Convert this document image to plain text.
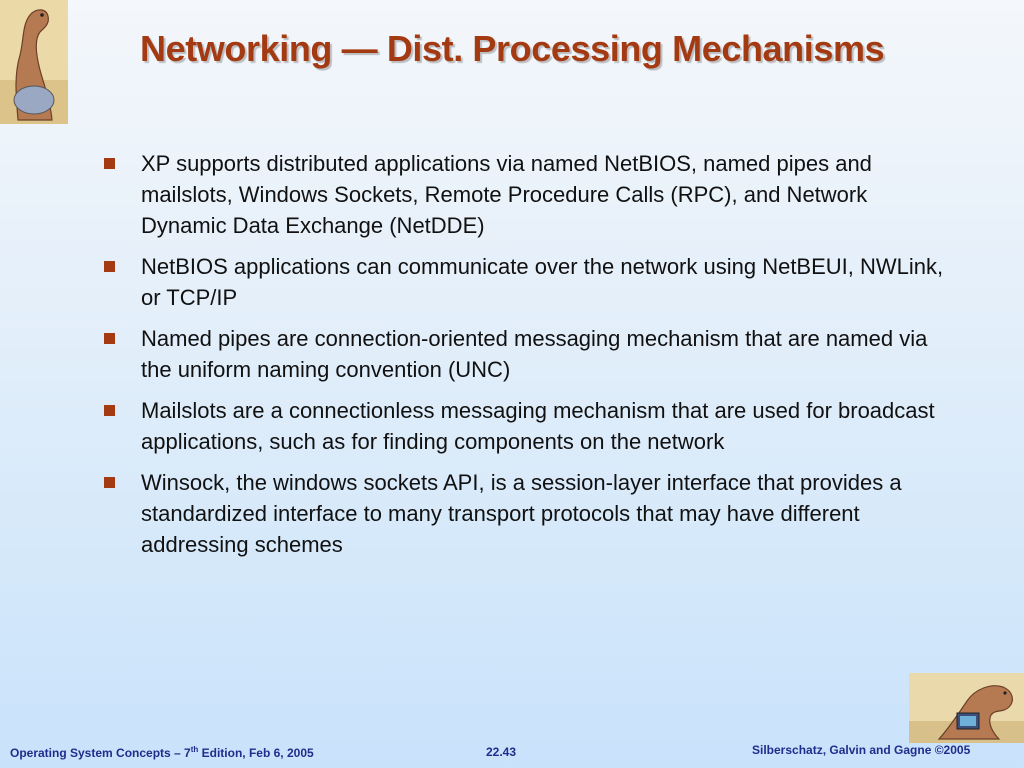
Networking — Dist. Processing Mechanisms
XP supports distributed applications via named NetBIOS, named pipes and mailslots, Windows Sockets, Remote Procedure Calls (RPC), and Network Dynamic Data Exchange (NetDDE)
NetBIOS applications can communicate over the network using NetBEUI, NWLink, or TCP/IP
Named pipes are connection-oriented messaging mechanism that are named via the uniform naming convention (UNC)
Mailslots are a connectionless messaging mechanism that are used for broadcast applications, such as for finding components on the network
Winsock, the windows sockets API, is a session-layer interface that provides a standardized interface to many transport protocols that may have different addressing schemes
Operating System Concepts – 7th Edition, Feb 6, 2005	22.43	Silberschatz, Galvin and Gagne ©2005
